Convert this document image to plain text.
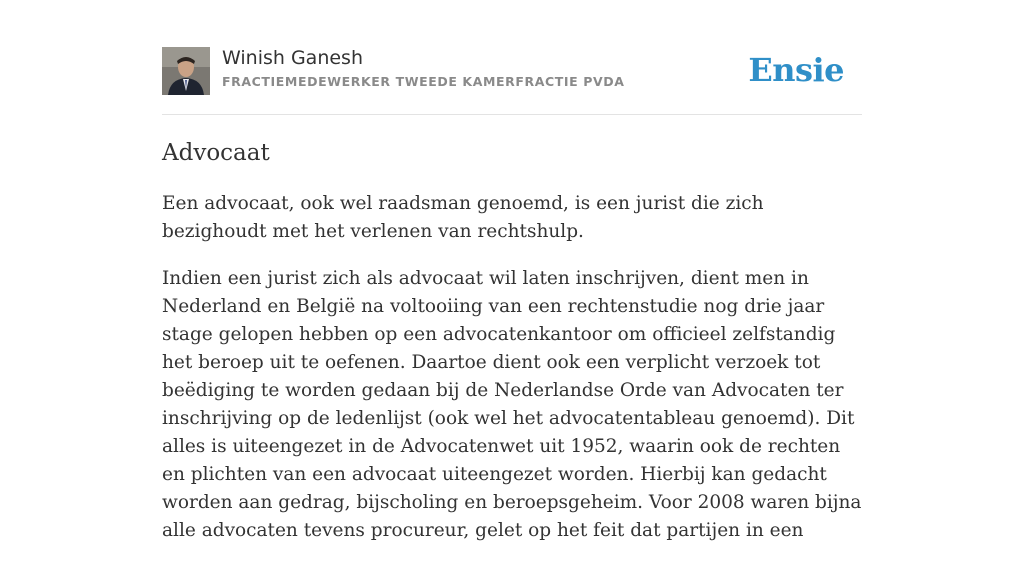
Winish Ganesh
FRACTIEMEDEWERKER TWEEDE KAMERFRACTIE PVDA	Ensie
Advocaat

Een advocaat, ook wel raadsman genoemd, is een jurist die zich bezighoudt met het verlenen van rechtshulp.

Indien een jurist zich als advocaat wil laten inschrijven, dient men in Nederland en België na voltooiing van een rechtenstudie nog drie jaar stage gelopen hebben op een advocatenkantoor om officieel zelfstandig het beroep uit te oefenen. Daartoe dient ook een verplicht verzoek tot beëdiging te worden gedaan bij de Nederlandse Orde van Advocaten ter inschrijving op de ledenlijst (ook wel het advocatentableau genoemd). Dit alles is uiteengezet in de Advocatenwet uit 1952, waarin ook de rechten en plichten van een advocaat uiteengezet worden. Hierbij kan gedacht worden aan gedrag, bijscholing en beroepsgeheim. Voor 2008 waren bijna alle advocaten tevens procureur, gelet op het feit dat partijen in een
